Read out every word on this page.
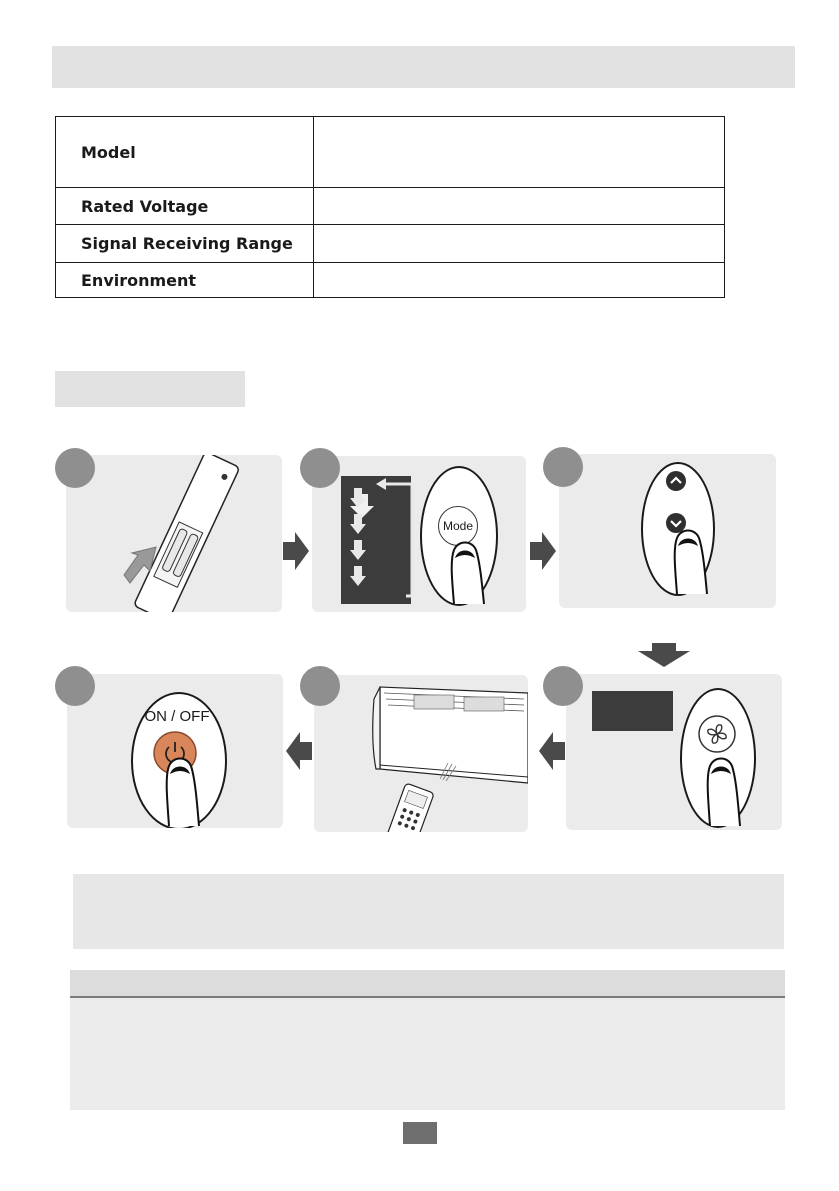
Model	
Rated Voltage	
Signal Receiving Range	
Environment	
Mode
ON / OFF
